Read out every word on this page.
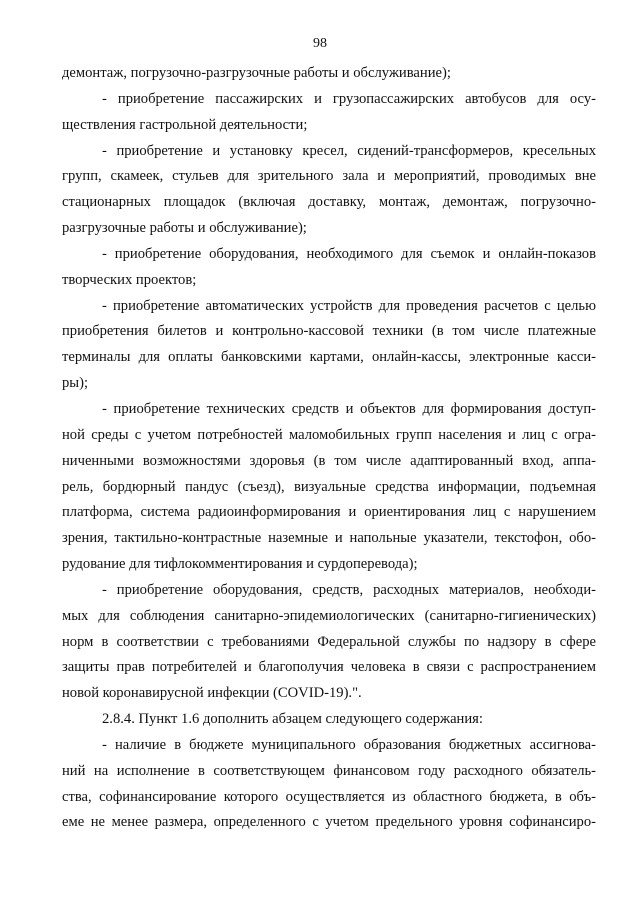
98
демонтаж, погрузочно-разгрузочные работы и обслуживание);
- приобретение пассажирских и грузопассажирских автобусов для осу-
ществления гастрольной деятельности;
- приобретение и установку кресел, сидений-трансформеров, кресельных
групп, скамеек, стульев для зрительного зала и мероприятий, проводимых вне
стационарных площадок (включая доставку, монтаж, демонтаж, погрузочно-
разгрузочные работы и обслуживание);
- приобретение оборудования, необходимого для съемок и онлайн-показов
творческих проектов;
- приобретение автоматических устройств для проведения расчетов с целью
приобретения билетов и контрольно-кассовой техники (в том числе платежные
терминалы для оплаты банковскими картами, онлайн-кассы, электронные касси-
ры);
- приобретение технических средств и объектов для формирования доступ-
ной среды с учетом потребностей маломобильных групп населения и лиц с огра-
ниченными возможностями здоровья (в том числе адаптированный вход, аппа-
рель, бордюрный пандус (съезд), визуальные средства информации, подъемная
платформа, система радиоинформирования и ориентирования лиц с нарушением
зрения, тактильно-контрастные наземные и напольные указатели, текстофон, обо-
рудование для тифлокомментирования и сурдоперевода);
- приобретение оборудования, средств, расходных материалов, необходи-
мых для соблюдения санитарно-эпидемиологических (санитарно-гигиенических)
норм в соответствии с требованиями Федеральной службы по надзору в сфере
защиты прав потребителей и благополучия человека в связи с распространением
новой коронавирусной инфекции (COVID-19).".
2.8.4. Пункт 1.6 дополнить абзацем следующего содержания:
- наличие в бюджете муниципального образования бюджетных ассигнова-
ний на исполнение в соответствующем финансовом году расходного обязатель-
ства, софинансирование которого осуществляется из областного бюджета, в объ-
еме не менее размера, определенного с учетом предельного уровня софинансиро-
